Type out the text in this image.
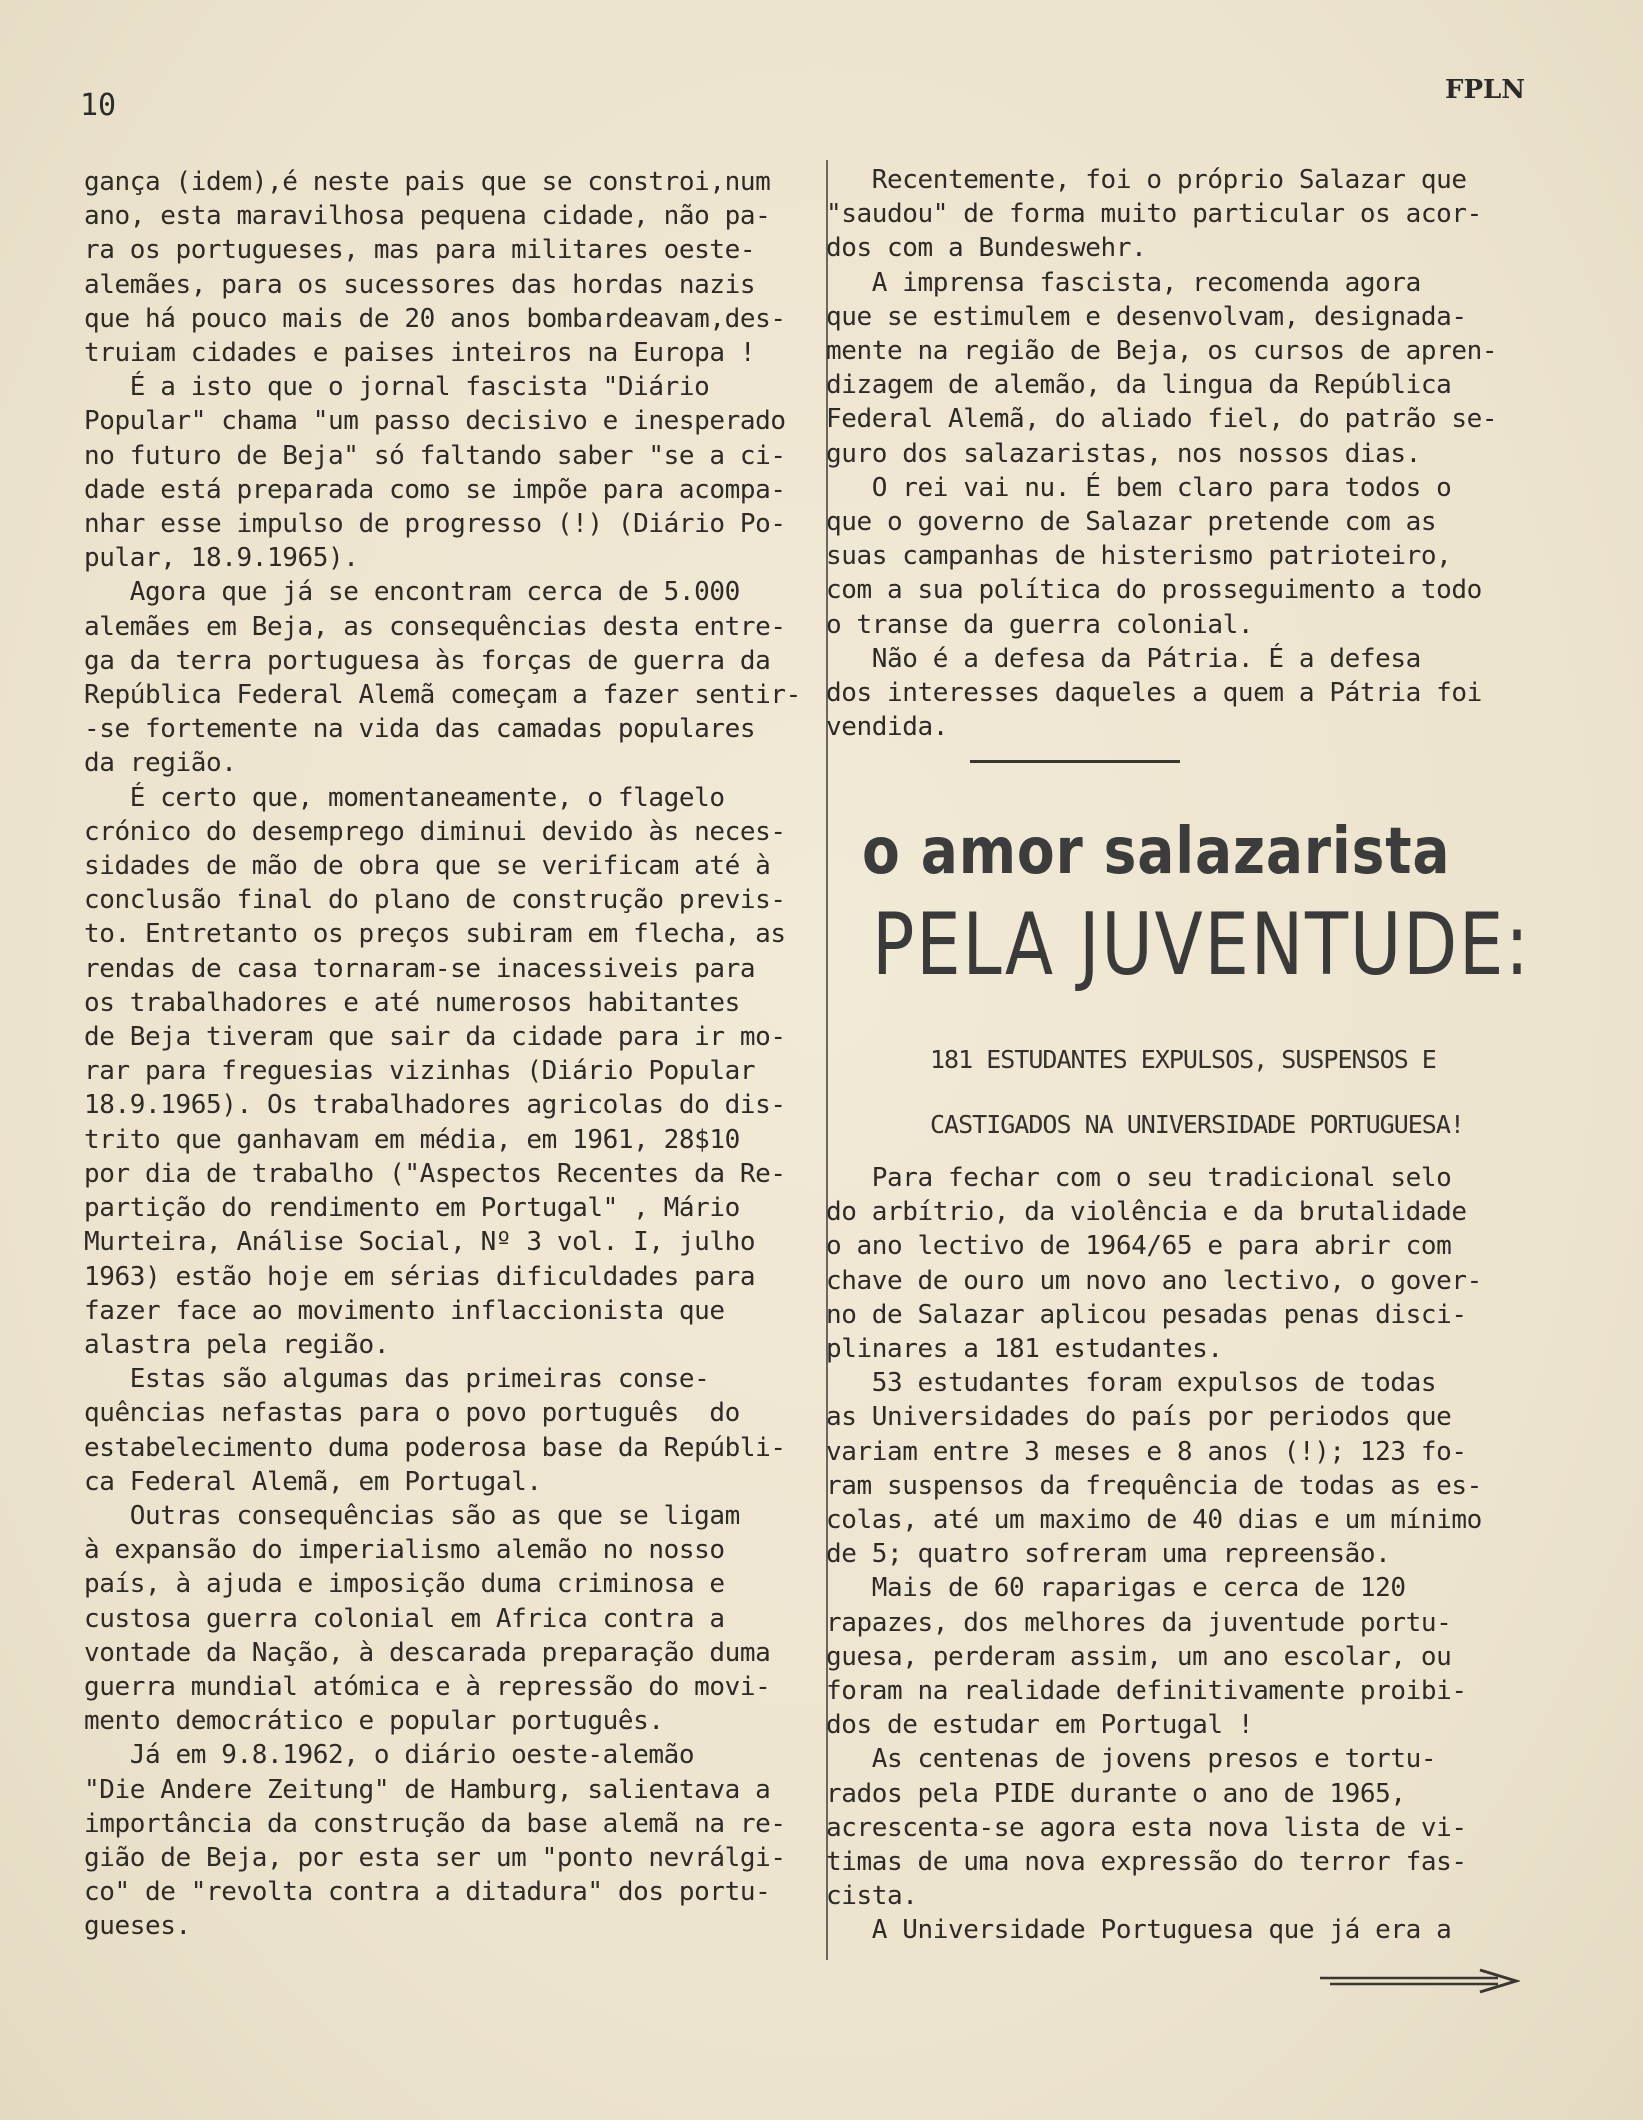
10	FPLN
gança (idem),é neste pais que se constroi,num
ano, esta maravilhosa pequena cidade, não pa-
ra os portugueses, mas para militares oeste-
alemães, para os sucessores das hordas nazis
que há pouco mais de 20 anos bombardeavam,des-
truiam cidades e paises inteiros na Europa !
É a isto que o jornal fascista "Diário
Popular" chama "um passo decisivo e inesperado
no futuro de Beja" só faltando saber "se a ci-
dade está preparada como se impõe para acompa-
nhar esse impulso de progresso (!) (Diário Po-
pular, 18.9.1965).
Agora que já se encontram cerca de 5.000
alemães em Beja, as consequências desta entre-
ga da terra portuguesa às forças de guerra da
República Federal Alemã começam a fazer sentir-
-se fortemente na vida das camadas populares
da região.
É certo que, momentaneamente, o flagelo
crónico do desemprego diminui devido às neces-
sidades de mão de obra que se verificam até à
conclusão final do plano de construção previs-
to. Entretanto os preços subiram em flecha, as
rendas de casa tornaram-se inacessiveis para
os trabalhadores e até numerosos habitantes
de Beja tiveram que sair da cidade para ir mo-
rar para freguesias vizinhas (Diário Popular
18.9.1965). Os trabalhadores agricolas do dis-
trito que ganhavam em média, em 1961, 28$10
por dia de trabalho ("Aspectos Recentes da Re-
partição do rendimento em Portugal" , Mário
Murteira, Análise Social, Nº 3 vol. I, julho
1963) estão hoje em sérias dificuldades para
fazer face ao movimento inflaccionista que
alastra pela região.
Estas são algumas das primeiras conse-
quências nefastas para o povo português  do
estabelecimento duma poderosa base da Repúbli-
ca Federal Alemã, em Portugal.
Outras consequências são as que se ligam
à expansão do imperialismo alemão no nosso
país, à ajuda e imposição duma criminosa e
custosa guerra colonial em Africa contra a
vontade da Nação, à descarada preparação duma
guerra mundial atómica e à repressão do movi-
mento democrático e popular português.
Já em 9.8.1962, o diário oeste-alemão
"Die Andere Zeitung" de Hamburg, salientava a
importância da construção da base alemã na re-
gião de Beja, por esta ser um "ponto nevrálgi-
co" de "revolta contra a ditadura" dos portu-
gueses.
Recentemente, foi o próprio Salazar que
"saudou" de forma muito particular os acor-
dos com a Bundeswehr.
A imprensa fascista, recomenda agora
que se estimulem e desenvolvam, designada-
mente na região de Beja, os cursos de apren-
dizagem de alemão, da lingua da República
Federal Alemã, do aliado fiel, do patrão se-
guro dos salazaristas, nos nossos dias.
O rei vai nu. É bem claro para todos o
que o governo de Salazar pretende com as
suas campanhas de histerismo patrioteiro,
com a sua política do prosseguimento a todo
o transe da guerra colonial.
Não é a defesa da Pátria. É a defesa
dos interesses daqueles a quem a Pátria foi
vendida.
o amor salazarista
PELA JUVENTUDE:
181 ESTUDANTES EXPULSOS, SUSPENSOS E
CASTIGADOS NA UNIVERSIDADE PORTUGUESA!
Para fechar com o seu tradicional selo
do arbítrio, da violência e da brutalidade
o ano lectivo de 1964/65 e para abrir com
chave de ouro um novo ano lectivo, o gover-
no de Salazar aplicou pesadas penas disci-
plinares a 181 estudantes.
53 estudantes foram expulsos de todas
as Universidades do país por periodos que
variam entre 3 meses e 8 anos (!); 123 fo-
ram suspensos da frequência de todas as es-
colas, até um maximo de 40 dias e um mínimo
de 5; quatro sofreram uma repreensão.
Mais de 60 raparigas e cerca de 120
rapazes, dos melhores da juventude portu-
guesa, perderam assim, um ano escolar, ou
foram na realidade definitivamente proibi-
dos de estudar em Portugal !
As centenas de jovens presos e tortu-
rados pela PIDE durante o ano de 1965,
acrescenta-se agora esta nova lista de vi-
timas de uma nova expressão do terror fas-
cista.
A Universidade Portuguesa que já era a
